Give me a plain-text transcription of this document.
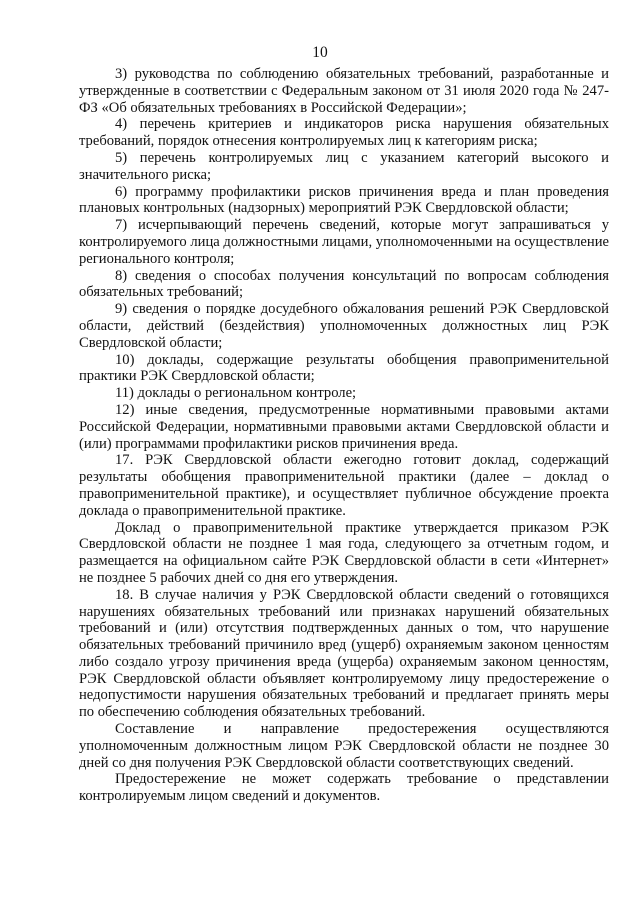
10

3) руководства по соблюдению обязательных требований, разработанные и утвержденные в соответствии с Федеральным законом от 31 июля 2020 года № 247-ФЗ «Об обязательных требованиях в Российской Федерации»;

4) перечень критериев и индикаторов риска нарушения обязательных требований, порядок отнесения контролируемых лиц к категориям риска;

5) перечень контролируемых лиц с указанием категорий высокого и значительного риска;

6) программу профилактики рисков причинения вреда и план проведения плановых контрольных (надзорных) мероприятий РЭК Свердловской области;

7) исчерпывающий перечень сведений, которые могут запрашиваться у контролируемого лица должностными лицами, уполномоченными на осуществление регионального контроля;

8) сведения о способах получения консультаций по вопросам соблюдения обязательных требований;

9) сведения о порядке досудебного обжалования решений РЭК Свердловской области, действий (бездействия) уполномоченных должностных лиц РЭК Свердловской области;

10) доклады, содержащие результаты обобщения правоприменительной практики РЭК Свердловской области;

11) доклады о региональном контроле;

12) иные сведения, предусмотренные нормативными правовыми актами Российской Федерации, нормативными правовыми актами Свердловской области и (или) программами профилактики рисков причинения вреда.

17. РЭК Свердловской области ежегодно готовит доклад, содержащий результаты обобщения правоприменительной практики (далее – доклад о правоприменительной практике), и осуществляет публичное обсуждение проекта доклада о правоприменительной практике.

Доклад о правоприменительной практике утверждается приказом РЭК Свердловской области не позднее 1 мая года, следующего за отчетным годом, и размещается на официальном сайте РЭК Свердловской области в сети «Интернет» не позднее 5 рабочих дней со дня его утверждения.

18. В случае наличия у РЭК Свердловской области сведений о готовящихся нарушениях обязательных требований или признаках нарушений обязательных требований и (или) отсутствия подтвержденных данных о том, что нарушение обязательных требований причинило вред (ущерб) охраняемым законом ценностям либо создало угрозу причинения вреда (ущерба) охраняемым законом ценностям, РЭК Свердловской области объявляет контролируемому лицу предостережение о недопустимости нарушения обязательных требований и предлагает принять меры по обеспечению соблюдения обязательных требований.

Составление и направление предостережения осуществляются уполномоченным должностным лицом РЭК Свердловской области не позднее 30 дней со дня получения РЭК Свердловской области соответствующих сведений.

Предостережение не может содержать требование о представлении контролируемым лицом сведений и документов.
